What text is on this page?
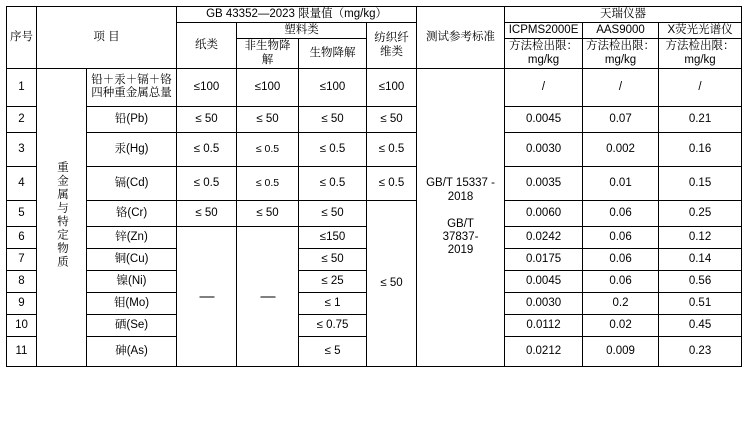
序号	项 目		GB 43352—2023 限量值（mg/kg）				测试参考标准	天瑞仪器		
			纸类	塑料类		纺织纤维类		ICPMS2000E	AAS9000	X荧光光谱仪
				非生物降解	生物降解			方法检出限：mg/kg	方法检出限：mg/kg	方法检出限：mg/kg
1	重金属与特定物质	铅＋汞＋镉＋铬四种重金属总量	≤100	≤100	≤100	≤100	GB/T 15337 -
2018
GB/T
37837-
2019	/	/	/
2		铅(Pb)	≤ 50	≤ 50	≤ 50	≤ 50		0.0045	0.07	0.21
3		汞(Hg)	≤ 0.5	≤ 0.5	≤ 0.5	≤ 0.5		0.0030	0.002	0.16
4		镉(Cd)	≤ 0.5	≤ 0.5	≤ 0.5	≤ 0.5		0.0035	0.01	0.15
5		铬(Cr)	≤ 50	≤ 50	≤ 50	≤ 50		0.0060	0.06	0.25
6		锌(Zn)	—	—	≤150			0.0242	0.06	0.12
7		铜(Cu)			≤ 50			0.0175	0.06	0.14
8		镍(Ni)			≤ 25			0.0045	0.06	0.56
9		钼(Mo)			≤ 1			0.0030	0.2	0.51
10		硒(Se)			≤ 0.75			0.0112	0.02	0.45
11		砷(As)			≤ 5			0.0212	0.009	0.23
